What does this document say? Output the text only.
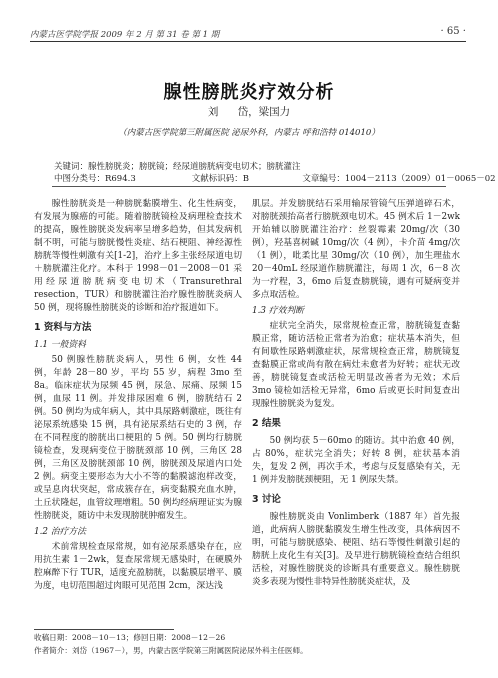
内蒙古医学院学报 2009 年 2 月 第 31 卷 第 1 期	· 65 ·
腺性膀胱炎疗效分析
刘 岱，梁国力
（内蒙古医学院第三附属医院 泌尿外科，内蒙古 呼和浩特 014010）
关键词：腺性膀胱炎；膀胱镜；经尿道膀胱病变电切术；膀胱灌注
中图分类号：R694.3	文献标识码：B	文章编号：1004－2113（2009）01－0065－02

腺性膀胱炎是一种膀胱黏膜增生、化生性病变，有发展为腺癌的可能。随着膀胱镜检及病理检查技术的提高，腺性膀胱炎发病率呈增多趋势，但其发病机制不明，可能与膀胱慢性炎症、结石梗阻、神经源性膀胱等慢性刺激有关[1-2]，治疗上多主张经尿道电切＋膀胱灌注化疗。本科于 1998－01－2008－01 采用经尿道膀胱病变电切术（Transurethral resection，TUR）和膀胱灌注治疗腺性膀胱炎病人 50 例，现将腺性膀胱炎的诊断和治疗报道如下。

1 资料与方法
1.1 一般资料

50 例腺性膀胱炎病人，男性 6 例，女性 44 例，年龄 28－80 岁，平均 55 岁，病程 3mo 至 8a。临床症状为尿频 45 例，尿急、尿痛、尿频 15 例，血尿 11 例。并发排尿困难 6 例，膀胱结石 2 例。50 例均为成年病人，其中具尿路刺激症，既往有泌尿系统感染 15 例，具有泌尿系结石史的 3 例，存在不同程度的膀胱出口梗阻的 5 例。50 例均行膀胱镜检查，发现病变位于膀胱颈部 10 例，三角区 28 例，三角区及膀胱颈部 10 例，膀胱颈及尿道内口处 2 例。病变主要形态为大小不等的黏膜滤泡样改变，或呈息肉状突起，常成簇存在，病变黏膜充血水肿，土丘状隆起，血管纹理增粗。50 例均经病理证实为腺性膀胱炎，随访中未发现膀胱肿瘤发生。

1.2 治疗方法

术前常规检查尿常规，如有泌尿系感染存在，应用抗生素 1－2wk，复查尿常规无感染时，在硬膜外腔麻醉下行 TUR，适度充盈膀胱，以黏膜层增平、膜为度，电切范围超过肉眼可见范围 2cm，深达浅

肌层。并发膀胱结石采用输尿管镜气压弹道碎石术，对膀胱颈抬高者行膀胱颈电切术。45 例术后 1－2wk 开始辅以膀胱灌注治疗：丝裂霉素 20mg/次（30 例），羟基喜树碱 10mg/次（4 例），卡介苗 4mg/次（1 例），吡柔比星 30mg/次（10 例），加生理盐水 20－40mL 经尿道作膀胱灌注，每周 1 次，6－8 次为一疗程，3，6mo 后复查膀胱镜，遇有可疑病变并多点取活检。

1.3 疗效判断

症状完全消失，尿常规检查正常，膀胱镜复查黏膜正常，随访活检正常者为治愈；症状基本消失，但有间歇性尿路刺激症状，尿常规检查正常，膀胱镜复查黏膜正常或尚有散在病灶未愈者为好转；症状无改善，膀胱镜复查或活检无明显改善者为无效；术后 3mo 镜检如活检无异常，6mo 后或更长时间复查出现腺性膀胱炎为复发。

2 结果

50 例均获 5－60mo 的随访。其中治愈 40 例，占 80%，症状完全消失；好转 8 例，症状基本消失，复发 2 例，再次手术，考虑与反复感染有关，无 1 例并发膀胱颈梗阻，无 1 例尿失禁。

3 讨论

腺性膀胱炎由 Vonlimberk（1887 年）首先报道，此病病人膀胱黏膜发生增生性改变，具体病因不明，可能与膀胱感染、梗阻、结石等慢性刺激引起的膀胱上皮化生有关[3]。及早进行膀胱镜检查结合组织活检，对腺性膀胱炎的诊断具有重要意义。腺性膀胱炎多表现为慢性非特异性膀胱炎症状，及

收稿日期：2008－10－13；修回日期：2008－12－26
作者简介：刘岱（1967－），男，内蒙古医学院第三附属医院泌尿外科主任医师。
